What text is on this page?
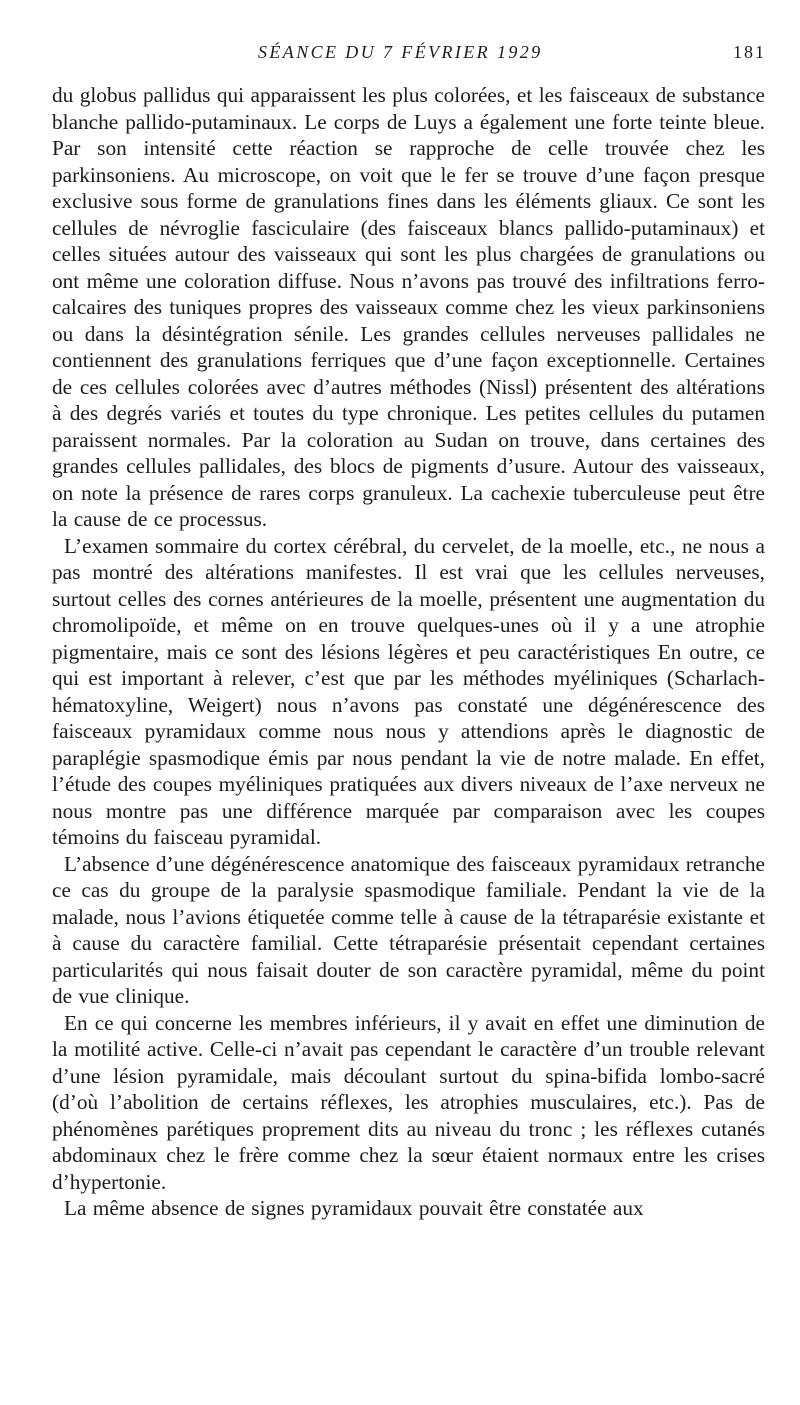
SÉANCE DU 7 FÉVRIER 1929	181

du globus pallidus qui apparaissent les plus colorées, et les faisceaux de substance blanche pallido-putaminaux. Le corps de Luys a également une forte teinte bleue. Par son intensité cette réaction se rapproche de celle trouvée chez les parkinsoniens. Au microscope, on voit que le fer se trouve d’une façon presque exclusive sous forme de granulations fines dans les éléments gliaux. Ce sont les cellules de névroglie fasciculaire (des faisceaux blancs pallido-putaminaux) et celles situées autour des vaisseaux qui sont les plus chargées de granulations ou ont même une coloration diffuse. Nous n’avons pas trouvé des infiltrations ferro-calcaires des tuniques propres des vaisseaux comme chez les vieux parkinsoniens ou dans la désintégration sénile. Les grandes cellules nerveuses pallidales ne contiennent des granulations ferriques que d’une façon exceptionnelle. Certaines de ces cellules colorées avec d’autres méthodes (Nissl) présentent des altérations à des degrés variés et toutes du type chronique. Les petites cellules du putamen paraissent normales. Par la coloration au Sudan on trouve, dans certaines des grandes cellules pallidales, des blocs de pigments d’usure. Autour des vaisseaux, on note la présence de rares corps granuleux. La cachexie tuberculeuse peut être la cause de ce processus.

L’examen sommaire du cortex cérébral, du cervelet, de la moelle, etc., ne nous a pas montré des altérations manifestes. Il est vrai que les cellules nerveuses, surtout celles des cornes antérieures de la moelle, présentent une augmentation du chromolipoïde, et même on en trouve quelques-unes où il y a une atrophie pigmentaire, mais ce sont des lésions légères et peu caractéristiques En outre, ce qui est important à relever, c’est que par les méthodes myéliniques (Scharlach-hématoxyline, Weigert) nous n’avons pas constaté une dégénérescence des faisceaux pyramidaux comme nous nous y attendions après le diagnostic de paraplégie spasmodique émis par nous pendant la vie de notre malade. En effet, l’étude des coupes myéliniques pratiquées aux divers niveaux de l’axe nerveux ne nous montre pas une différence marquée par comparaison avec les coupes témoins du faisceau pyramidal.

L’absence d’une dégénérescence anatomique des faisceaux pyramidaux retranche ce cas du groupe de la paralysie spasmodique familiale. Pendant la vie de la malade, nous l’avions étiquetée comme telle à cause de la tétraparésie existante et à cause du caractère familial. Cette tétraparésie présentait cependant certaines particularités qui nous faisait douter de son caractère pyramidal, même du point de vue clinique.

En ce qui concerne les membres inférieurs, il y avait en effet une diminution de la motilité active. Celle-ci n’avait pas cependant le caractère d’un trouble relevant d’une lésion pyramidale, mais découlant surtout du spina-bifida lombo-sacré (d’où l’abolition de certains réflexes, les atrophies musculaires, etc.). Pas de phénomènes parétiques proprement dits au niveau du tronc ; les réflexes cutanés abdominaux chez le frère comme chez la sœur étaient normaux entre les crises d’hypertonie.

La même absence de signes pyramidaux pouvait être constatée aux
